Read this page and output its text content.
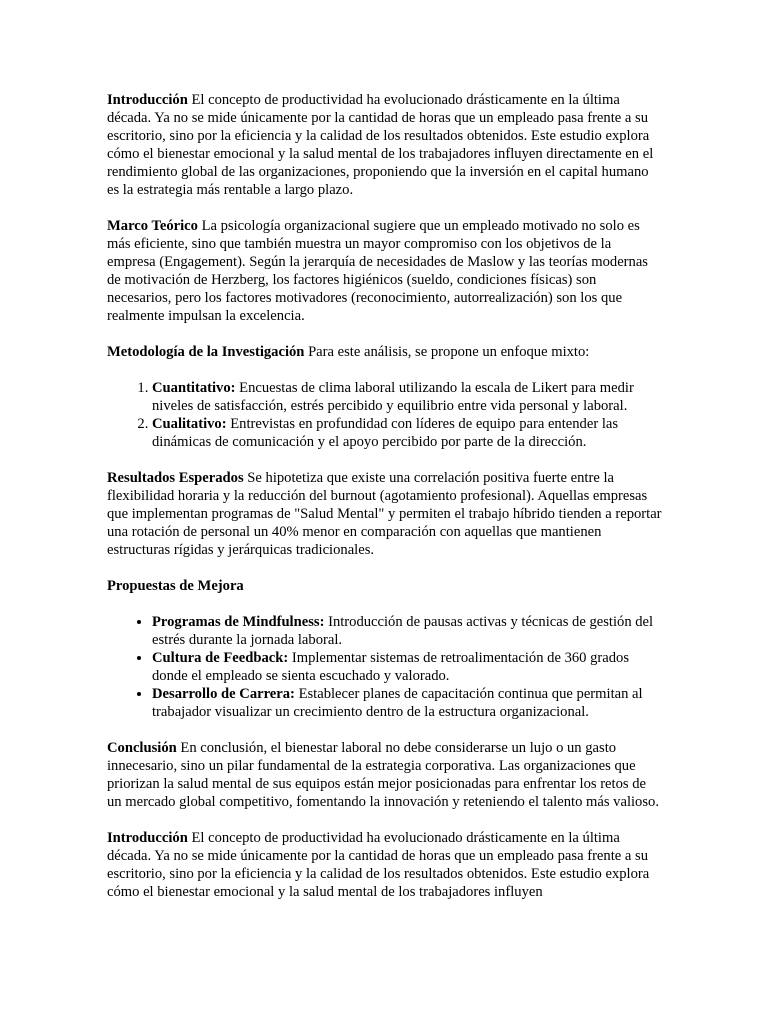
Introducción El concepto de productividad ha evolucionado drásticamente en la última década. Ya no se mide únicamente por la cantidad de horas que un empleado pasa frente a su escritorio, sino por la eficiencia y la calidad de los resultados obtenidos. Este estudio explora cómo el bienestar emocional y la salud mental de los trabajadores influyen directamente en el rendimiento global de las organizaciones, proponiendo que la inversión en el capital humano es la estrategia más rentable a largo plazo.

Marco Teórico La psicología organizacional sugiere que un empleado motivado no solo es más eficiente, sino que también muestra un mayor compromiso con los objetivos de la empresa (Engagement). Según la jerarquía de necesidades de Maslow y las teorías modernas de motivación de Herzberg, los factores higiénicos (sueldo, condiciones físicas) son necesarios, pero los factores motivadores (reconocimiento, autorrealización) son los que realmente impulsan la excelencia.

Metodología de la Investigación Para este análisis, se propone un enfoque mixto:

1. Cuantitativo: Encuestas de clima laboral utilizando la escala de Likert para medir niveles de satisfacción, estrés percibido y equilibrio entre vida personal y laboral.
2. Cualitativo: Entrevistas en profundidad con líderes de equipo para entender las dinámicas de comunicación y el apoyo percibido por parte de la dirección.

Resultados Esperados Se hipotetiza que existe una correlación positiva fuerte entre la flexibilidad horaria y la reducción del burnout (agotamiento profesional). Aquellas empresas que implementan programas de "Salud Mental" y permiten el trabajo híbrido tienden a reportar una rotación de personal un 40% menor en comparación con aquellas que mantienen estructuras rígidas y jerárquicas tradicionales.

Propuestas de Mejora

• Programas de Mindfulness: Introducción de pausas activas y técnicas de gestión del estrés durante la jornada laboral.
• Cultura de Feedback: Implementar sistemas de retroalimentación de 360 grados donde el empleado se sienta escuchado y valorado.
• Desarrollo de Carrera: Establecer planes de capacitación continua que permitan al trabajador visualizar un crecimiento dentro de la estructura organizacional.

Conclusión En conclusión, el bienestar laboral no debe considerarse un lujo o un gasto innecesario, sino un pilar fundamental de la estrategia corporativa. Las organizaciones que priorizan la salud mental de sus equipos están mejor posicionadas para enfrentar los retos de un mercado global competitivo, fomentando la innovación y reteniendo el talento más valioso.

Introducción El concepto de productividad ha evolucionado drásticamente en la última década. Ya no se mide únicamente por la cantidad de horas que un empleado pasa frente a su escritorio, sino por la eficiencia y la calidad de los resultados obtenidos. Este estudio explora cómo el bienestar emocional y la salud mental de los trabajadores influyen
